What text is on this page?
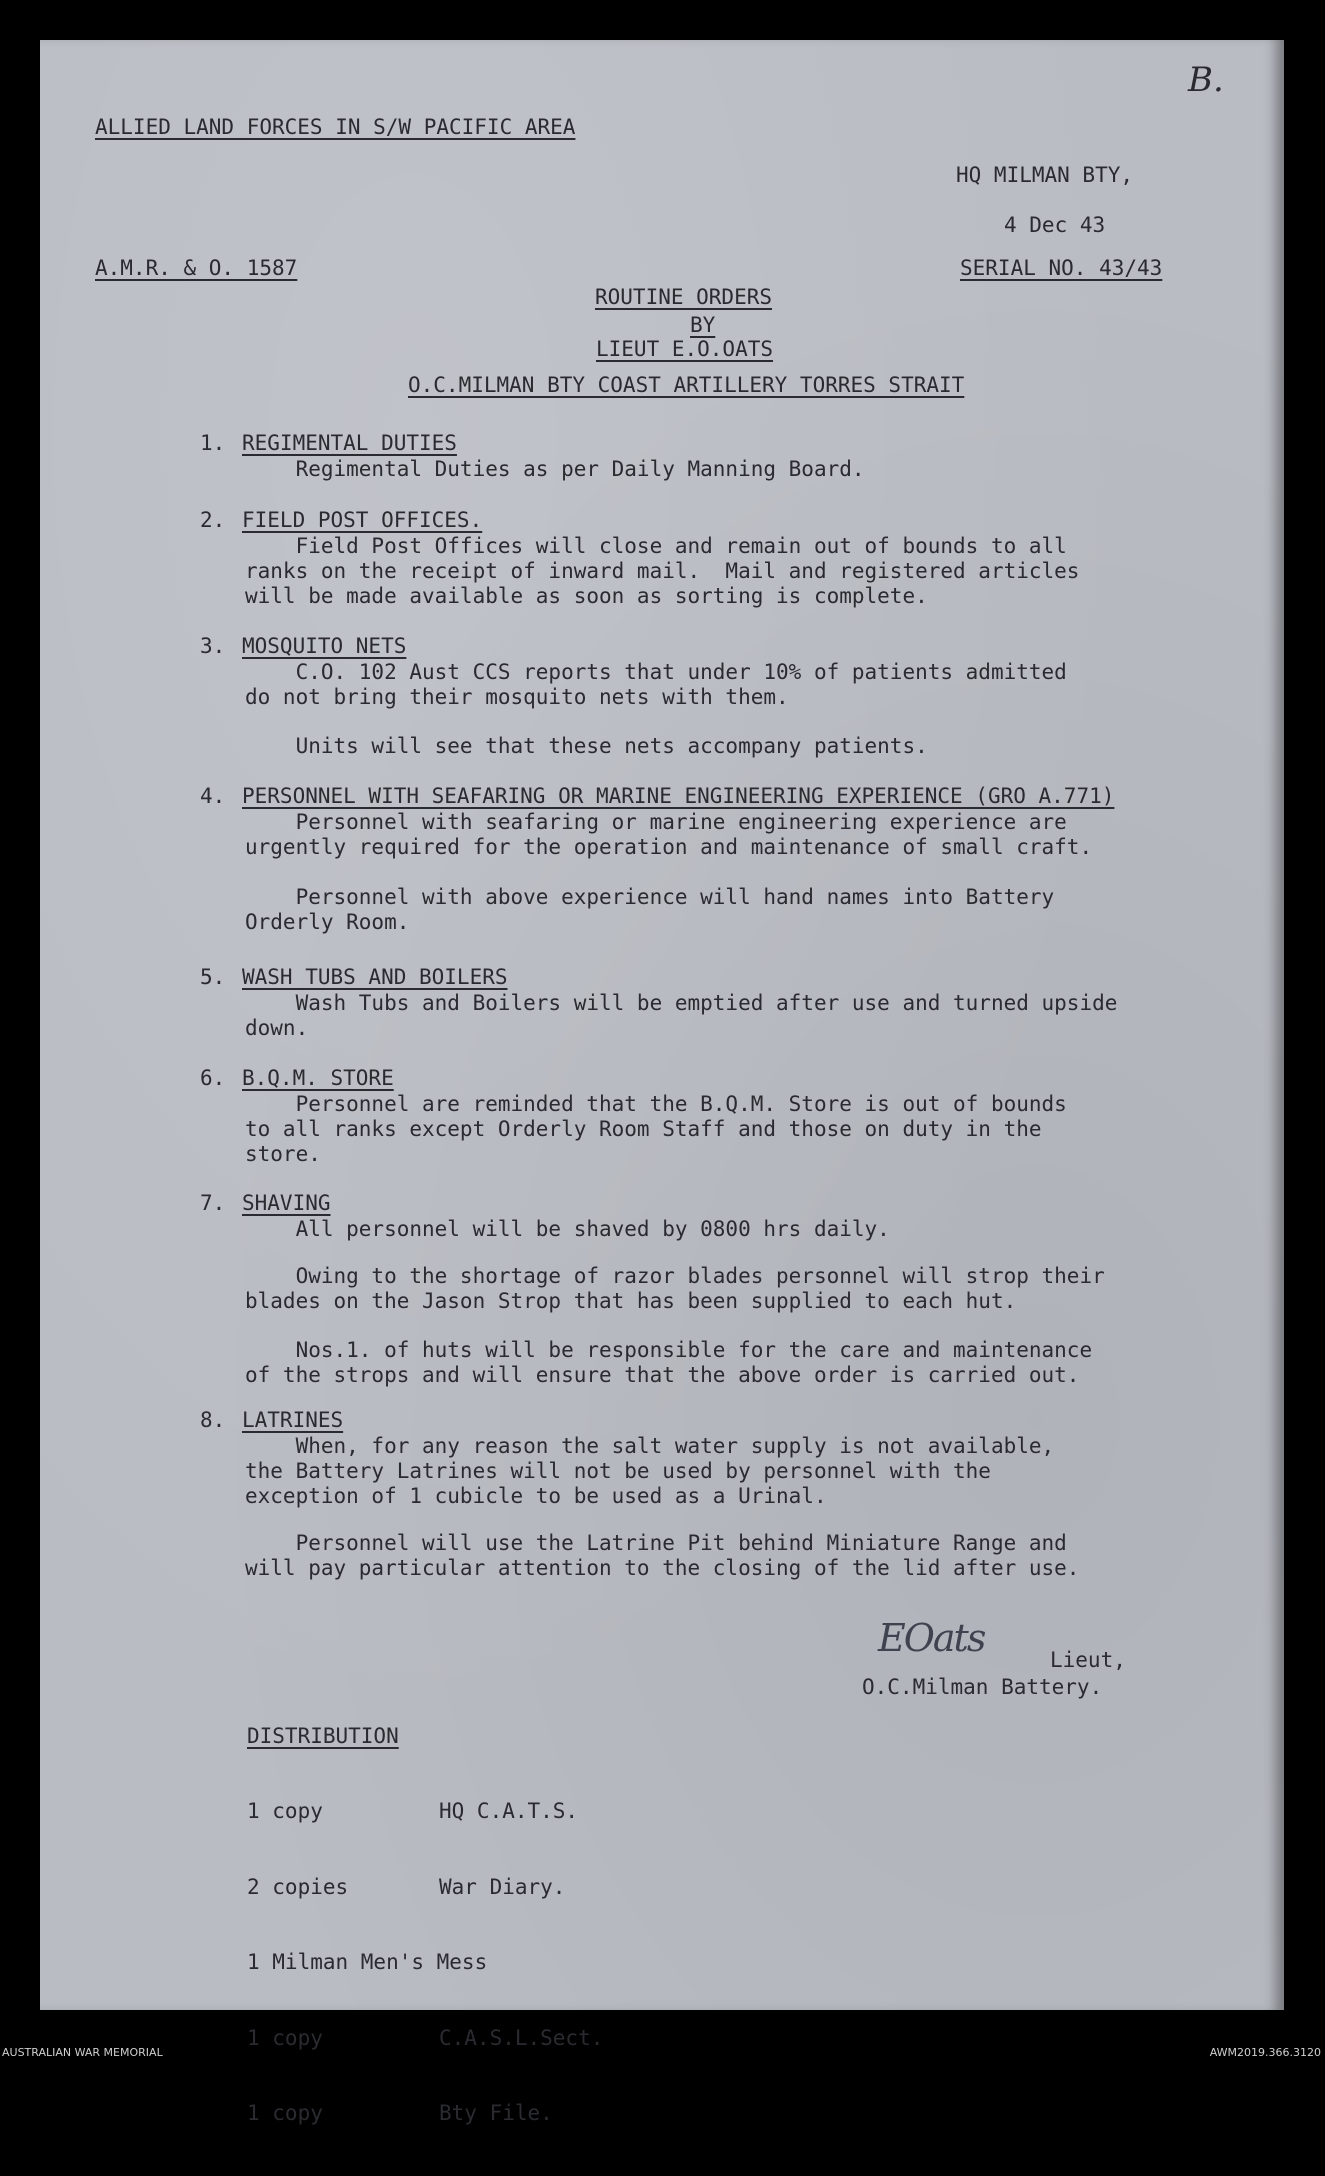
B.
ALLIED LAND FORCES IN S/W PACIFIC AREA
HQ MILMAN BTY,
4 Dec 43
A.M.R. & O. 1587	SERIAL NO. 43/43
ROUTINE ORDERS
BY
LIEUT E.O.OATS
O.C.MILMAN BTY COAST ARTILLERY TORRES STRAIT
1. REGIMENTAL DUTIES
Regimental Duties as per Daily Manning Board.
2. FIELD POST OFFICES.
Field Post Offices will close and remain out of bounds to all
ranks on the receipt of inward mail.  Mail and registered articles
will be made available as soon as sorting is complete.
3. MOSQUITO NETS
C.O. 102 Aust CCS reports that under 10% of patients admitted
do not bring their mosquito nets with them.
Units will see that these nets accompany patients.
4. PERSONNEL WITH SEAFARING OR MARINE ENGINEERING EXPERIENCE (GRO A.771)
Personnel with seafaring or marine engineering experience are
urgently required for the operation and maintenance of small craft.
Personnel with above experience will hand names into Battery
Orderly Room.
5. WASH TUBS AND BOILERS
Wash Tubs and Boilers will be emptied after use and turned upside
down.
6. B.Q.M. STORE
Personnel are reminded that the B.Q.M. Store is out of bounds
to all ranks except Orderly Room Staff and those on duty in the
store.
7. SHAVING
All personnel will be shaved by 0800 hrs daily.
Owing to the shortage of razor blades personnel will strop their
blades on the Jason Strop that has been supplied to each hut.
Nos.1. of huts will be responsible for the care and maintenance
of the strops and will ensure that the above order is carried out.
8. LATRINES
When, for any reason the salt water supply is not available,
the Battery Latrines will not be used by personnel with the
exception of 1 cubicle to be used as a Urinal.
Personnel will use the Latrine Pit behind Miniature Range and
will pay particular attention to the closing of the lid after use.
EOats	Lieut,
O.C.Milman Battery.
DISTRIBUTION

1 copy	HQ C.A.T.S.

2 copies	War Diary.

1 Milman Men's Mess

1 copy	C.A.S.L.Sect.

1 copy	Bty File.

AUSTRALIAN WAR MEMORIAL	AWM2019.366.3120
